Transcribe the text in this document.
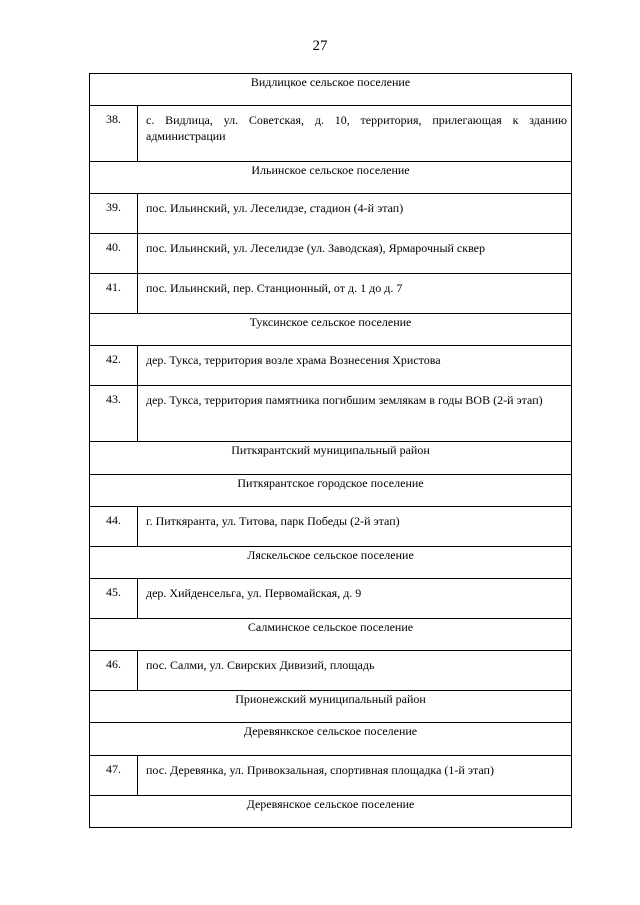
27
Видлицкое сельское поселение	
38.	с. Видлица, ул. Советская, д. 10, территория, прилегающая к зданию администрации
Ильинское сельское поселение	
39.	пос. Ильинский, ул. Леселидзе, стадион (4-й этап)
40.	пос. Ильинский, ул. Леселидзе (ул. Заводская), Ярмарочный сквер
41.	пос. Ильинский, пер. Станционный, от д. 1 до д. 7
Туксинское сельское поселение	
42.	дер. Тукса, территория возле храма Вознесения Христова
43.	дер. Тукса, территория памятника погибшим землякам в годы ВОВ (2-й этап)
Питкярантский муниципальный район	
Питкярантское городское поселение	
44.	г. Питкяранта, ул. Титова, парк Победы (2-й этап)
Ляскельское сельское поселение	
45.	дер. Хийденсельга, ул. Первомайская, д. 9
Салминское сельское поселение	
46.	пос. Салми, ул. Свирских Дивизий, площадь
Прионежский муниципальный район	
Деревянкское сельское поселение	
47.	пос. Деревянка, ул. Привокзальная, спортивная площадка (1-й этап)
Деревянское сельское поселение	
